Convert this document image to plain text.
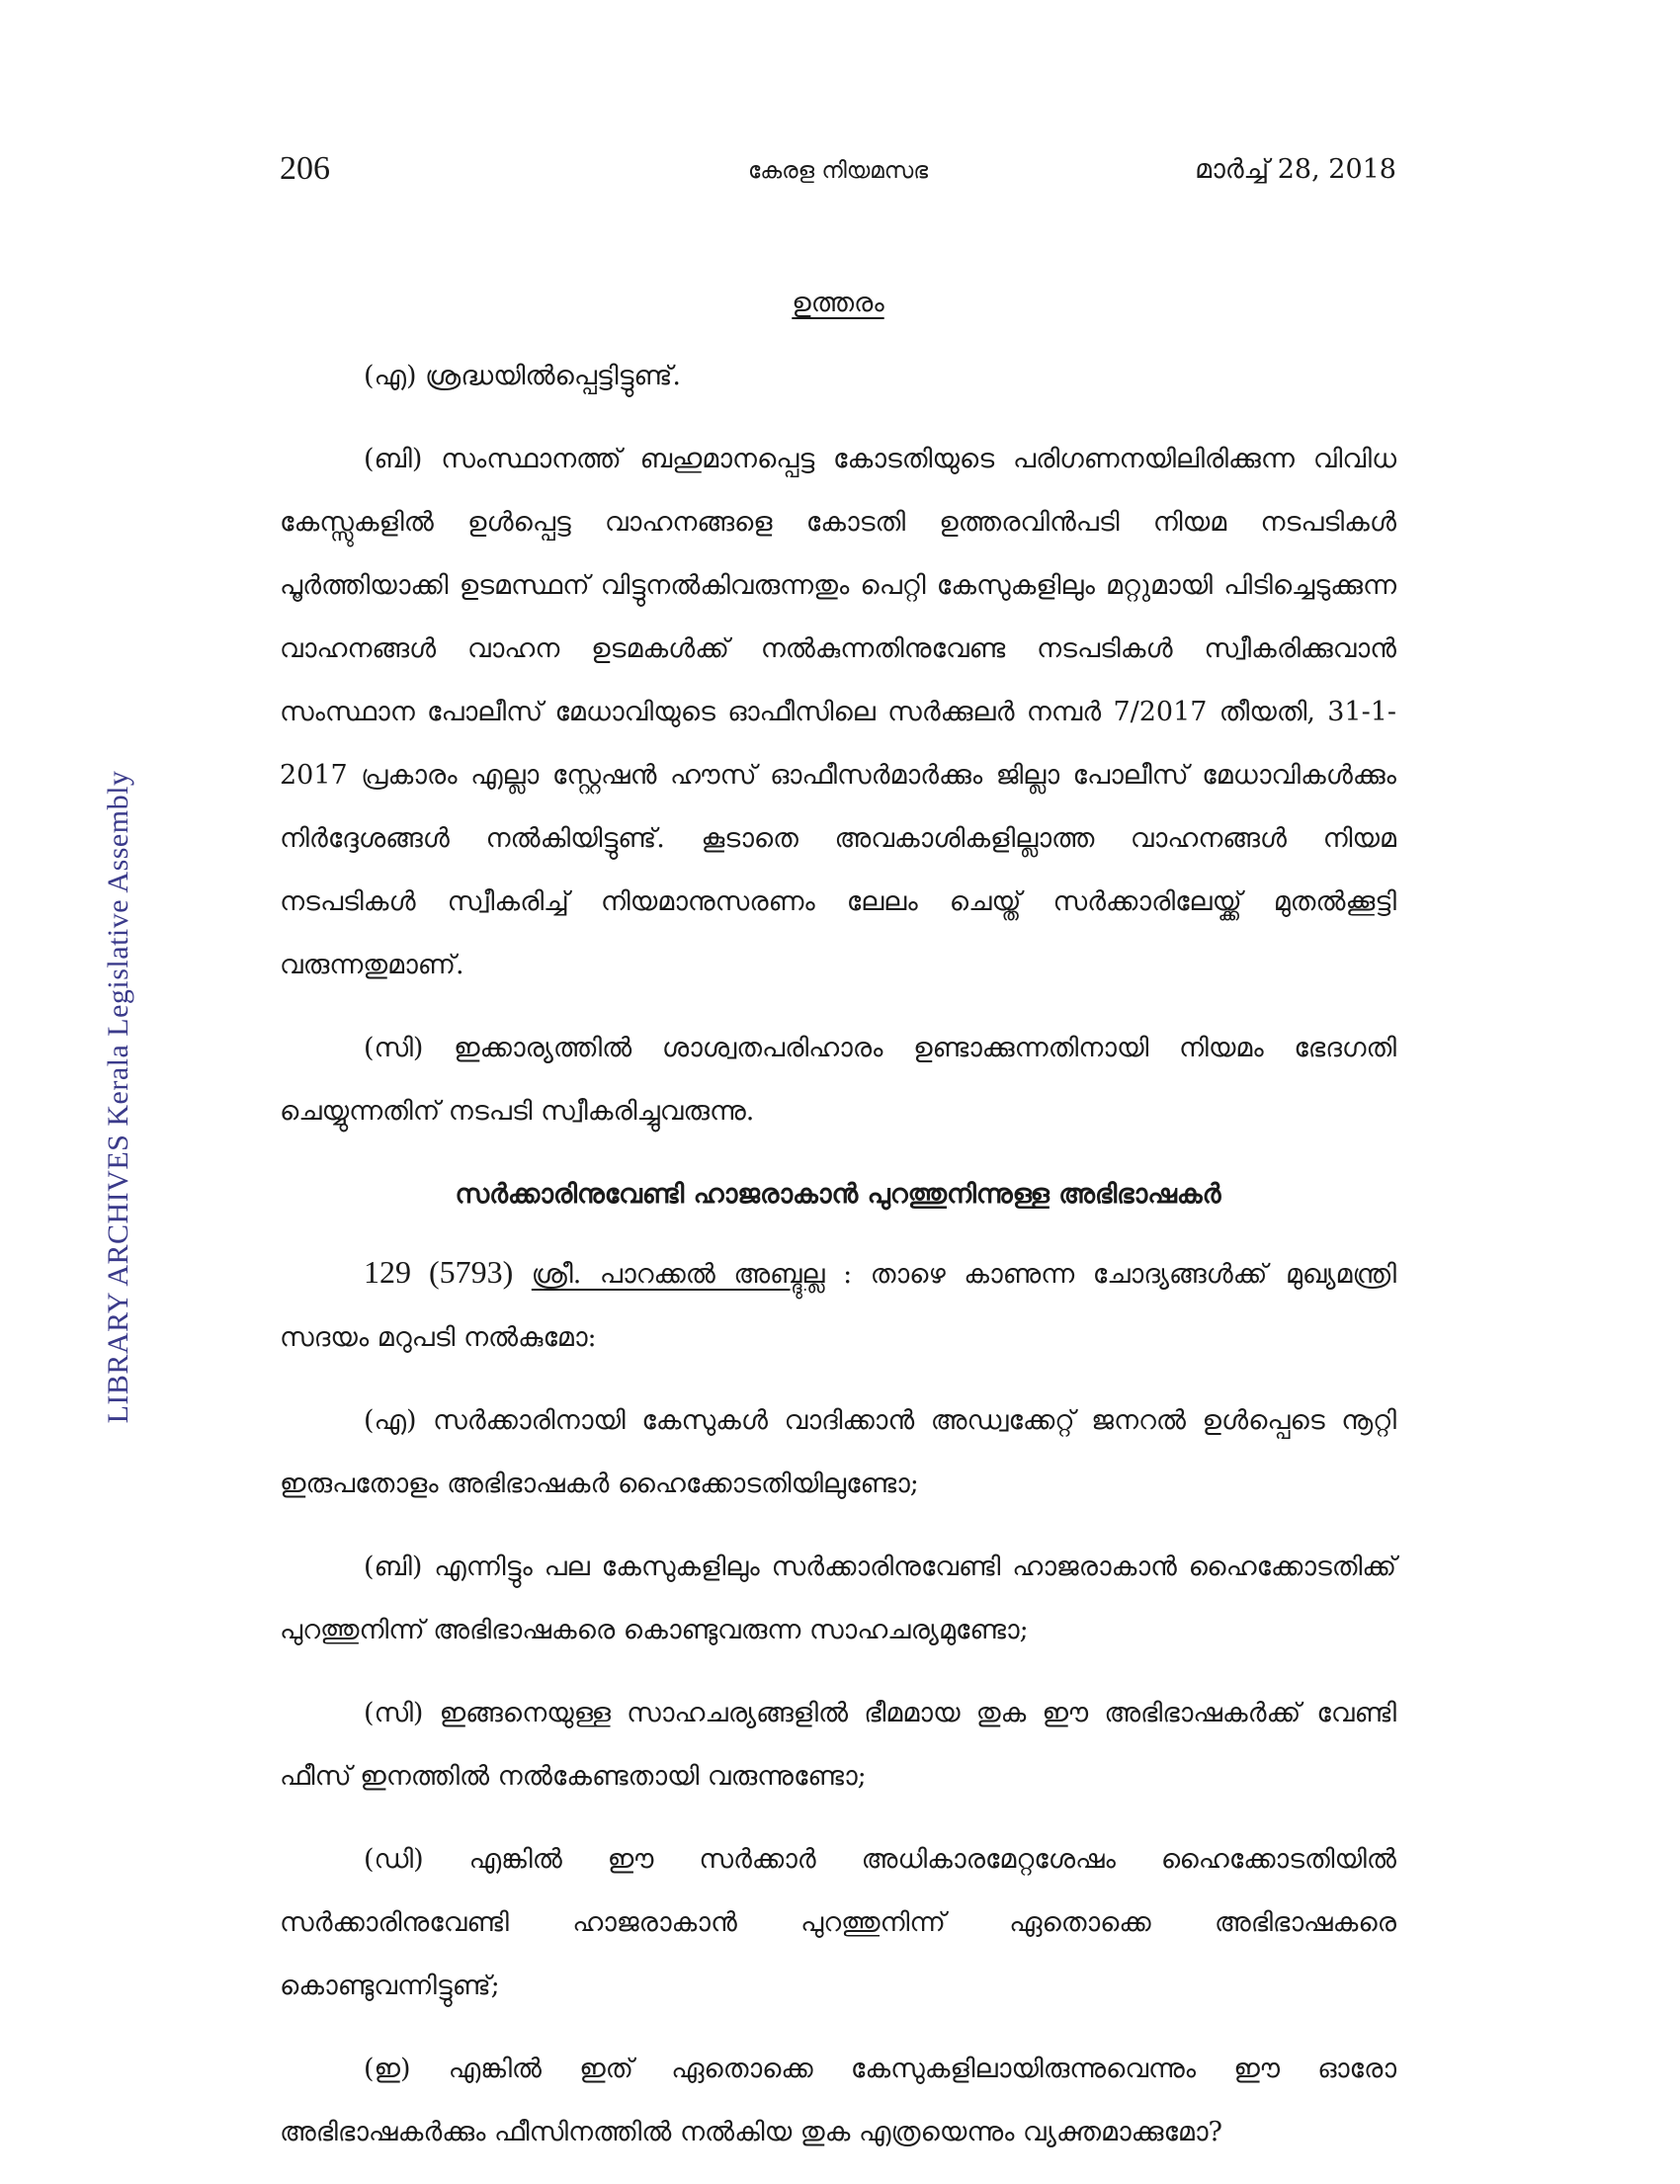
LIBRARY ARCHIVES Kerala Legislative Assembly
206	കേരള നിയമസഭ	മാർച്ച് 28, 2018
ഉത്തരം

(എ) ശ്രദ്ധയിൽപ്പെട്ടിട്ടുണ്ട്.

(ബി) സംസ്ഥാനത്ത് ബഹുമാനപ്പെട്ട കോടതിയുടെ പരിഗണനയിലിരിക്കുന്ന വിവിധ കേസ്സുകളിൽ ഉൾപ്പെട്ട വാഹനങ്ങളെ കോടതി ഉത്തരവിൻപടി നിയമ നടപടികൾ പൂർത്തിയാക്കി ഉടമസ്ഥന് വിട്ടുനൽകിവരുന്നതും പെറ്റി കേസുകളിലും മറ്റുമായി പിടിച്ചെടുക്കുന്ന വാഹനങ്ങൾ വാഹന ഉടമകൾക്ക് നൽകുന്നതിനുവേണ്ട നടപടികൾ സ്വീകരിക്കുവാൻ സംസ്ഥാന പോലീസ് മേധാവിയുടെ ഓഫീസിലെ സർക്കുലർ നമ്പർ 7/2017 തീയതി, 31-1-2017 പ്രകാരം എല്ലാ സ്റ്റേഷൻ ഹൗസ് ഓഫീസർമാർക്കും ജില്ലാ പോലീസ് മേധാവികൾക്കും നിർദ്ദേശങ്ങൾ നൽകിയിട്ടുണ്ട്. കൂടാതെ അവകാശികളില്ലാത്ത വാഹനങ്ങൾ നിയമ നടപടികൾ സ്വീകരിച്ച് നിയമാനുസരണം ലേലം ചെയ്ത് സർക്കാരിലേയ്ക്ക് മുതൽക്കൂട്ടി വരുന്നതുമാണ്.

(സി) ഇക്കാര്യത്തിൽ ശാശ്വതപരിഹാരം ഉണ്ടാക്കുന്നതിനായി നിയമം ഭേദഗതി ചെയ്യുന്നതിന് നടപടി സ്വീകരിച്ചുവരുന്നു.

സർക്കാരിനുവേണ്ടി ഹാജരാകാൻ പുറത്തുനിന്നുള്ള അഭിഭാഷകർ

129 (5793) ശ്രീ. പാറക്കൽ അബ്ദുല്ല : താഴെ കാണുന്ന ചോദ്യങ്ങൾക്ക് മുഖ്യമന്ത്രി സദയം മറുപടി നൽകുമോ:

(എ) സർക്കാരിനായി കേസുകൾ വാദിക്കാൻ അഡ്വക്കേറ്റ് ജനറൽ ഉൾപ്പെടെ നൂറ്റി ഇരുപതോളം അഭിഭാഷകർ ഹൈക്കോടതിയിലുണ്ടോ;

(ബി) എന്നിട്ടും പല കേസുകളിലും സർക്കാരിനുവേണ്ടി ഹാജരാകാൻ ഹൈക്കോടതിക്ക് പുറത്തുനിന്ന് അഭിഭാഷകരെ കൊണ്ടുവരുന്ന സാഹചര്യമുണ്ടോ;

(സി) ഇങ്ങനെയുള്ള സാഹചര്യങ്ങളിൽ ഭീമമായ തുക ഈ അഭിഭാഷകർക്ക് വേണ്ടി ഫീസ് ഇനത്തിൽ നൽകേണ്ടതായി വരുന്നുണ്ടോ;

(ഡി) എങ്കിൽ ഈ സർക്കാർ അധികാരമേറ്റശേഷം ഹൈക്കോടതിയിൽ സർക്കാരിനുവേണ്ടി ഹാജരാകാൻ പുറത്തുനിന്ന് ഏതൊക്കെ അഭിഭാഷകരെ കൊണ്ടുവന്നിട്ടുണ്ട്;

(ഇ) എങ്കിൽ ഇത് ഏതൊക്കെ കേസുകളിലായിരുന്നുവെന്നും ഈ ഓരോ അഭിഭാഷകർക്കും ഫീസിനത്തിൽ നൽകിയ തുക എത്രയെന്നും വ്യക്തമാക്കുമോ?
